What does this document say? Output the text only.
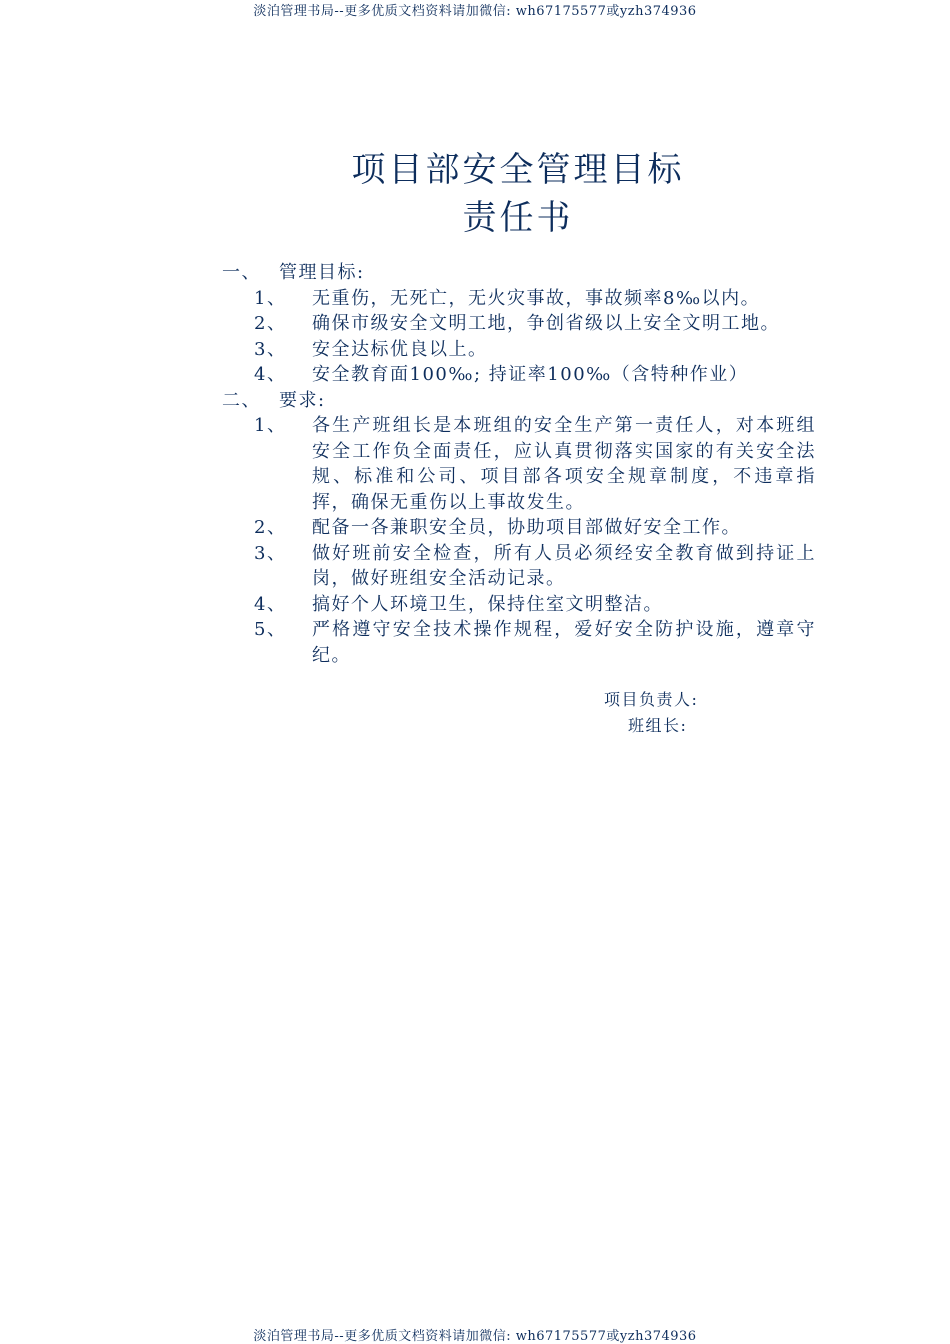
淡泊管理书局--更多优质文档资料请加微信: wh67175577或yzh374936
项目部安全管理目标
责任书
一、	管理目标:
1、	无重伤，无死亡，无火灾事故，事故频率8‰以内。
2、	确保市级安全文明工地，争创省级以上安全文明工地。
3、	安全达标优良以上。
4、	安全教育面100‰; 持证率100‰（含特种作业）
二、	要求:
1、	各生产班组长是本班组的安全生产第一责任人，对本班组安全工作负全面责任，应认真贯彻落实国家的有关安全法规、标准和公司、项目部各项安全规章制度，不违章指挥，确保无重伤以上事故发生。
2、	配备一各兼职安全员，协助项目部做好安全工作。
3、	做好班前安全检查，所有人员必须经安全教育做到持证上岗，做好班组安全活动记录。
4、	搞好个人环境卫生，保持住室文明整洁。
5、	严格遵守安全技术操作规程，爱好安全防护设施，遵章守纪。
项目负责人:
班组长:
淡泊管理书局--更多优质文档资料请加微信: wh67175577或yzh374936
